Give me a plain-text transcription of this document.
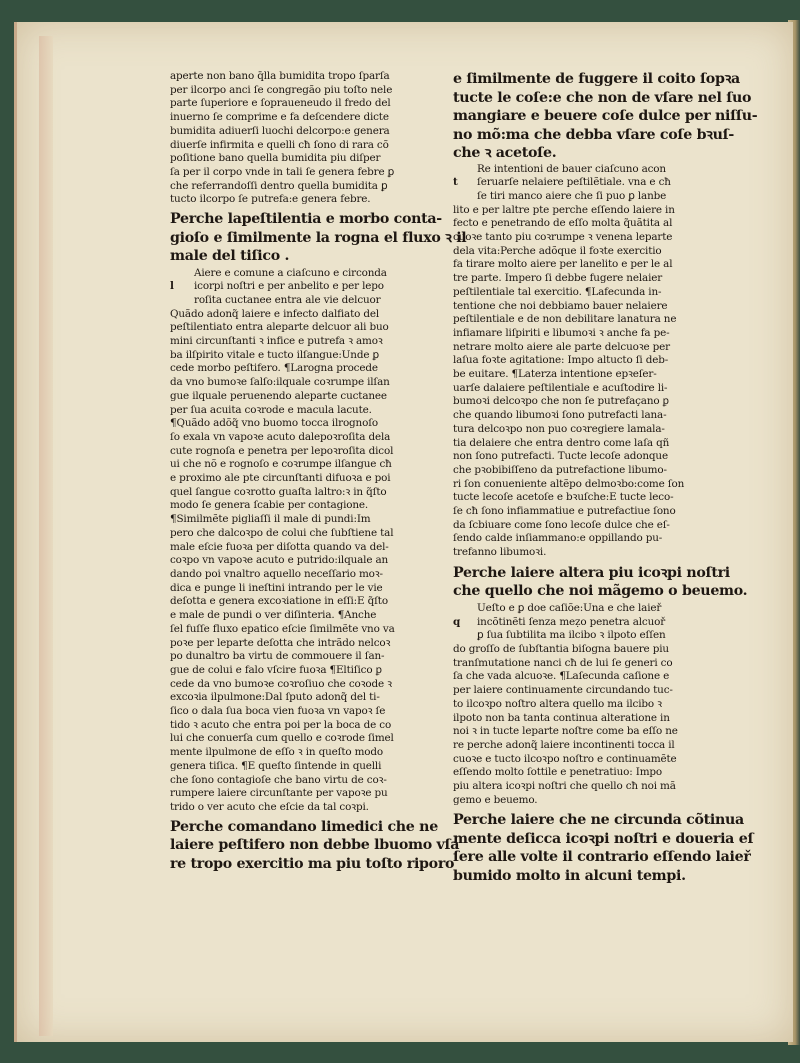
aperte non bano q̄lla bumidita tropo ſparſa

per ilcorpo anci ſe congregão piu toſto nele

parte ſuperiore e ſopraueneudo il fredo del

inuerno ſe comprime e fa deſcendere dicte

bumidita adiuerſi luochi delcorpo:e genera

diuerſe infirmita e quelli cħ ſono di rara cõ

poſitione bano quella bumidita piu diſper

ſa per il corpo vnde in tali ſe genera febre ꝑ

che referrandoſſi dentro quella bumidita ꝑ

tucto ilcorpo ſe putrefa:e genera febre.

Perche lapeſtilentia e morbo conta-

gioſo e ſimilmente la rogna el fluxo ꝛ il

male del tiſico .

Aiere e comune a ciaſcuno e circonda

l icorpi noſtri e per anbelito e per lepo

roſita cuctanee entra ale vie delcuor

Quãdo adonq̃ laiere e infecto dalfiato del

peſtilentiato entra aleparte delcuor ali buo

mini circunſtanti ꝛ infice e putrefa ꝛ amoꝛ

ba ilſpirito vitale e tucto ilſangue:Unde ꝑ

cede morbo peſtifero. ¶Larogna procede

da vno bumoꝛe ſalſo:ilquale coꝛrumpe ilſan

gue ilquale peruenendo aleparte cuctanee

per ſua acuita coꝛrode e macula lacute.

¶Quãdo adõq̃ vno buomo tocca ilrognoſo

ſo exala vn vapoꝛe acuto dalepoꝛroſita dela

cute rognoſa e penetra per lepoꝛroſita dicol

ui che nõ e rognoſo e coꝛrumpe ilſangue cħ

e proximo ale pte circunſtanti difuoꝛa e poi

quel ſangue coꝛrotto guaſta laltro:ꝛ in q̃ſto

modo ſe genera ſcabie per contagione.

¶Similmẽte pigliaſſi il male di pundi:Im

pero che dalcoꝛpo de colui che ſubſtiene tal

male eſcie fuoꝛa per diſotta quando va del-

coꝛpo vn vapoꝛe acuto e putrido:ilquale an

dando poi vnaltro aquello neceſſario moꝛ-

dica e punge li ineſtini intrando per le vie

deſotta e genera excoꝛiatione in eſſi:E q̃ſto

e male de pundi o ver diſinteria. ¶Anche

ſel fuſſe fluxo epatico eſcie ſimilmẽte vno va

poꝛe per leparte deſotta che intrãdo nelcoꝛ

po dunaltro ba virtu de commouere il ſan-

gue de colui e falo vſcire fuoꝛa ¶Eltiſico ꝑ

cede da vno bumoꝛe coꝛroſiuo che coꝛode ꝛ

excoꝛia ilpulmone:Dal ſputo adonq̃ del ti-

ſico o dala ſua boca vien fuoꝛa vn vapoꝛ ſe

tido ꝛ acuto che entra poi per la boca de co

lui che conuerſa cum quello e coꝛrode ſimel

mente ilpulmone de eſſo ꝛ in queſto modo

genera tiſica. ¶E queſto ſintende in quelli

che ſono contagioſe che bano virtu de coꝛ-

rumpere laiere circunſtante per vapoꝛe pu

trido o ver acuto che eſcie da tal coꝛpi.

Perche comandano limedici che ne

laiere peſtifero non debbe lbuomo vſa

re tropo exercitio ma piu toſto riporo

e ſimilmente de fuggere il coito ſopꝛa

tucte le coſe:e che non de vſare nel ſuo

mangiare e beuere coſe dulce per niſſu-

no mõ:ma che debba vſare coſe bꝛuſ-

che ꝛ acetoſe.

Re intentioni de bauer ciaſcuno acon

t ſeruarſe nelaiere peſtilẽtiale. vna e cħ

ſe tiri manco aiere che ſi puo ꝑ lanbe

lito e per laltre pte perche eſſendo laiere in

fecto e penetrando de eſſo molta q̃uãtita al

cuoꝛe tanto piu coꝛrumpe ꝛ venena leparte

dela vita:Perche adõque il foꝛte exercitio

fa tirare molto aiere per lanelito e per le al

tre parte. Impero ſi debbe fugere nelaier

peſtilentiale tal exercitio. ¶Lafecunda in-

tentione che noi debbiamo bauer nelaiere

peſtilentiale e de non debilitare lanatura ne

infiamare liſpiriti e libumoꝛi ꝛ anche fa pe-

netrare molto aiere ale parte delcuoꝛe per

laſua foꝛte agitatione: Impo altucto ſi deb-

be euitare. ¶Laterza intentione epꝛeſer-

uarſe dalaiere peſtilentiale e acuſtodire li-

bumoꝛi delcoꝛpo che non ſe putrefaçano ꝑ

che quando libumoꝛi ſono putrefacti lana-

tura delcoꝛpo non puo coꝛregiere lamala-

tia delaiere che entra dentro come laſa qñ

non ſono putrefacti. Tucte lecoſe adonque

che pꝛobibiſſeno da putrefactione libumo-

ri ſon conueniente altẽpo delmoꝛbo:come ſon

tucte lecoſe acetoſe e bꝛuſche:E tucte leco-

ſe cħ ſono infiammatiue e putrefactiue ſono

da ſcbiuare come ſono lecoſe dulce che eſ-

ſendo calde inſiammano:e oppillando pu-

trefanno libumoꝛi.

Perche laiere altera piu icoꝛpi noſtri

che quello che noi mãgemo o beuemo.

Ueſto e ꝑ doe caſiõe:Una e che laieř

q incõtinẽti ſenza meẓo penetra alcuoř

ꝑ ſua ſubtilita ma ilcibo ꝛ ilpoto eſſen

do groſſo de ſubſtantia biſogna bauere piu

tranſmutatione nanci cħ de lui ſe generi co

ſa che vada alcuoꝛe. ¶Laſecunda caſione e

per laiere continuamente circundando tuc-

to ilcoꝛpo noſtro altera quello ma ilcibo ꝛ

ilpoto non ba tanta continua alteratione in

noi ꝛ in tucte leparte noſtre come ba eſſo ne

re perche adonq̃ laiere incontinenti tocca il

cuoꝛe e tucto ilcoꝛpo noſtro e continuamẽte

eſſendo molto ſottile e penetratiuo: Impo

piu altera icoꝛpi noſtri che quello cħ noi mã

gemo e beuemo.

Perche laiere che ne circunda cõtinua

mente deſicca icoꝛpi noſtri e doueria eſ

ſere alle volte il contrario eſſendo laieř

bumido molto in alcuni tempi.
